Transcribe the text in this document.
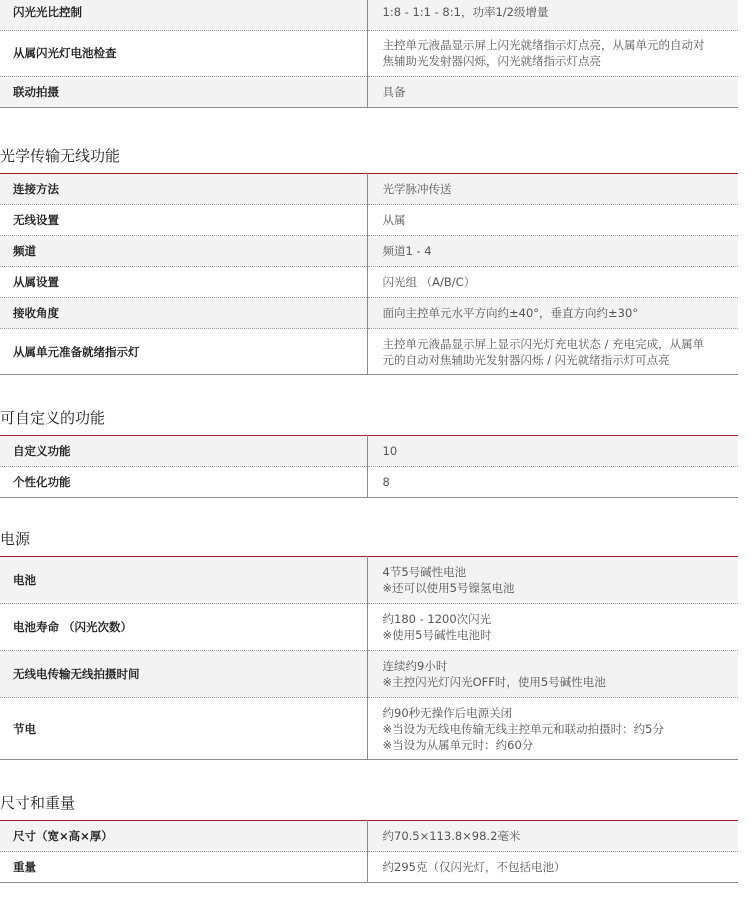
闪光光比控制	1:8 - 1:1 - 8:1，功率1/2级增量

从属闪光灯电池检查	主控单元液晶显示屏上闪光就绪指示灯点亮，从属单元的自动对
焦辅助光发射器闪烁，闪光就绪指示灯点亮

联动拍摄	具备
光学传输无线功能
连接方法	光学脉冲传送

无线设置	从属

频道	频道1 - 4

从属设置	闪光组 （A/B/C）

接收角度	面向主控单元水平方向约±40°，垂直方向约±30°

从属单元准备就绪指示灯	主控单元液晶显示屏上显示闪光灯充电状态 / 充电完成，从属单
元的自动对焦辅助光发射器闪烁 / 闪光就绪指示灯可点亮
可自定义的功能
自定义功能	10

个性化功能	8
电源
电池	4节5号碱性电池
※还可以使用5号镍氢电池

电池寿命 （闪光次数）	约180 - 1200次闪光
※使用5号碱性电池时

无线电传输无线拍摄时间	连续约9小时
※主控闪光灯闪光OFF时，使用5号碱性电池

节电	约90秒无操作后电源关闭
※当设为无线电传输无线主控单元和联动拍摄时：约5分
※当设为从属单元时：约60分
尺寸和重量
尺寸（宽×高×厚）	约70.5×113.8×98.2毫米

重量	约295克（仅闪光灯，不包括电池）
